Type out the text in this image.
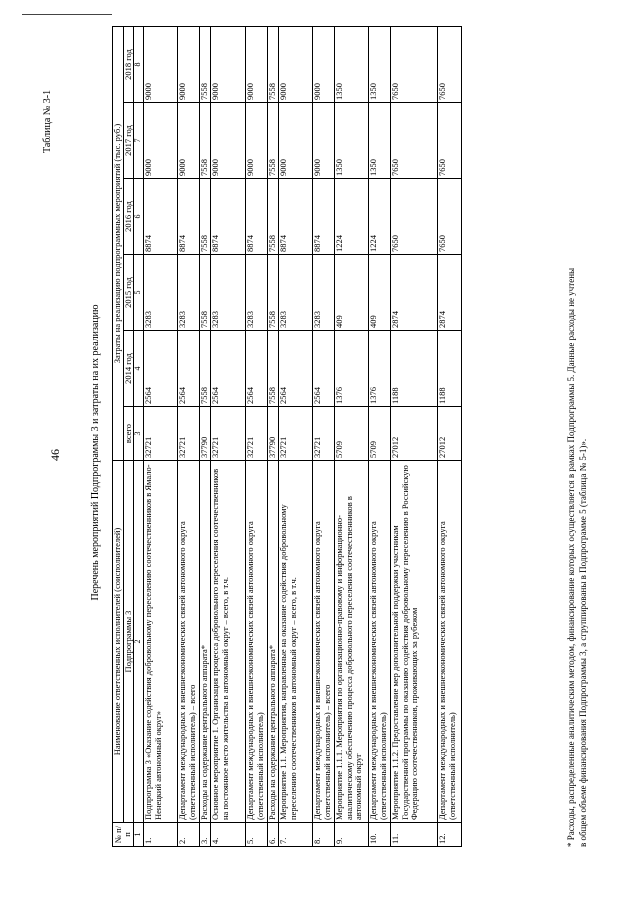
46
Таблица № 3-1
Перечень мероприятий Подпрограммы 3 и затраты на их реализацию
№ п/п	Наименование ответственных исполнителей (соисполнителей)	Затраты на реализацию подпрограммных мероприятий (тыс. руб.)					
	Подпрограммы 3	всего	2014 год	2015 год	2016 год	2017 год	2018 год
1	2	3	4	5	6	7	8
1.	Подпрограмма 3 «Оказание содействия добровольному переселению соотечественников в Ямало-Ненецкий автономный округ»	32721	2564	3283	8874	9000	9000
2.	Департамент международных и внешнеэкономических связей автономного округа (ответственный исполнитель) – всего	32721	2564	3283	8874	9000	9000
3.	Расходы на содержание центрального аппарата*	37790	7558	7558	7558	7558	7558
4.	Основное мероприятие 1. Организация процесса добровольного переселения соотечественников на постоянное место жительства в автономный округ – всего, в т.ч.	32721	2564	3283	8874	9000	9000
5.	Департамент международных и внешнеэкономических связей автономного округа (ответственный исполнитель)	32721	2564	3283	8874	9000	9000
6.	Расходы на содержание центрального аппарата*	37790	7558	7558	7558	7558	7558
7.	Мероприятие 1.1. Мероприятия, направленные на оказание содействия добровольному переселению соотечественников в автономный округ – всего, в т.ч.	32721	2564	3283	8874	9000	9000
8.	Департамент международных и внешнеэкономических связей автономного округа (ответственный исполнитель) – всего	32721	2564	3283	8874	9000	9000
9.	Мероприятие 1.1.1. Мероприятия по организационно-правовому и информационно-аналитическому обеспечению процесса добровольного переселения соотечественников в автономный округ	5709	1376	409	1224	1350	1350
10.	Департамент международных и внешнеэкономических связей автономного округа (ответственный исполнитель)	5709	1376	409	1224	1350	1350
11.	Мероприятие 1.1.2. Предоставление мер дополнительной поддержки участникам Государственной программы по оказанию содействия добровольному переселению в Российскую Федерацию соотечественников, проживающих за рубежом	27012	1188	2874	7650	7650	7650
12.	Департамент международных и внешнеэкономических связей автономного округа (ответственный исполнитель)	27012	1188	2874	7650	7650	7650
* Расходы, распределенные аналитическим методом, финансирование которых осуществляется в рамках Подпрограммы 5. Данные расходы не учтены в общем объеме финансирования Подпрограммы 3, а сгруппированы в Подпрограмме 5 (таблица № 5-1)».
